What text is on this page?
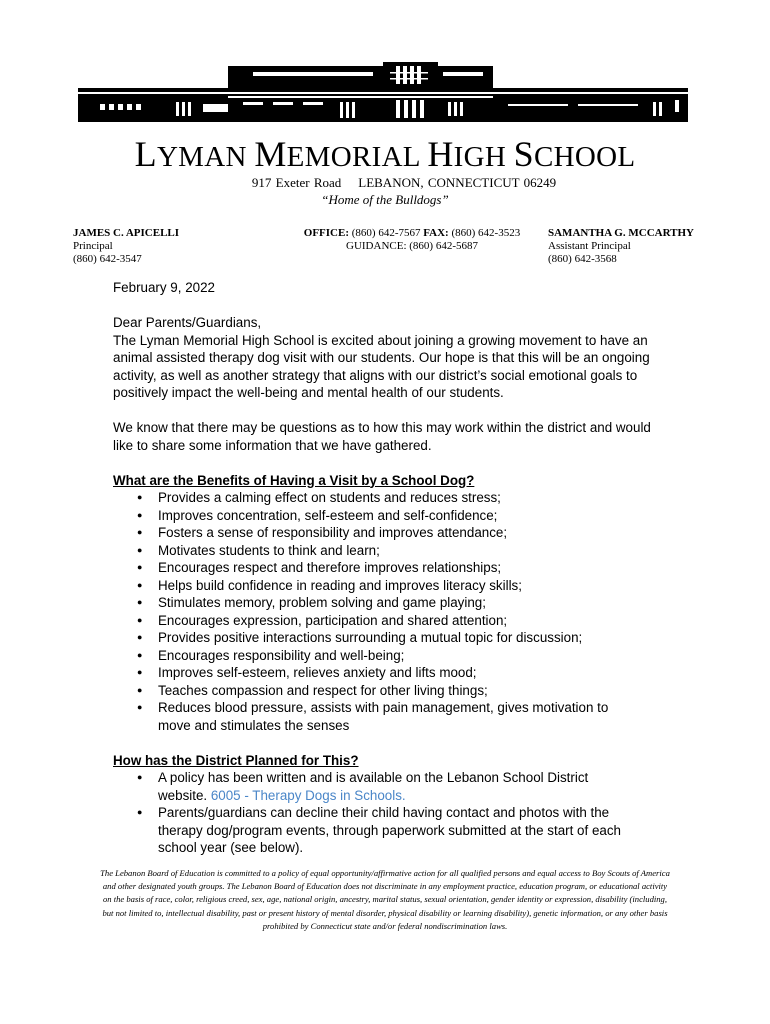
LYMAN MEMORIAL HIGH SCHOOL
917 Exeter Road    LEBANON, CONNECTICUT 06249
“Home of the Bulldogs”
JAMES C. APICELLI
Principal
(860) 642-3547
OFFICE: (860) 642-7567 FAX: (860) 642-3523
GUIDANCE: (860) 642-5687
SAMANTHA G. MCCARTHY
Assistant Principal
(860) 642-3568

February 9, 2022

Dear Parents/Guardians,

The Lyman Memorial High School is excited about joining a growing movement to have an animal assisted therapy dog visit with our students. Our hope is that this will be an ongoing activity, as well as another strategy that aligns with our district’s social emotional goals to positively impact the well-being and mental health of our students.

We know that there may be questions as to how this may work within the district and would like to share some information that we have gathered.

What are the Benefits of Having a Visit by a School Dog?

● Provides a calming effect on students and reduces stress;
● Improves concentration, self-esteem and self-confidence;
● Fosters a sense of responsibility and improves attendance;
● Motivates students to think and learn;
● Encourages respect and therefore improves relationships;
● Helps build confidence in reading and improves literacy skills;
● Stimulates memory, problem solving and game playing;
● Encourages expression, participation and shared attention;
● Provides positive interactions surrounding a mutual topic for discussion;
● Encourages responsibility and well-being;
● Improves self-esteem, relieves anxiety and lifts mood;
● Teaches compassion and respect for other living things;
● Reduces blood pressure, assists with pain management, gives motivation to move and stimulates the senses

How has the District Planned for This?

● A policy has been written and is available on the Lebanon School District website. 6005 - Therapy Dogs in Schools.
● Parents/guardians can decline their child having contact and photos with the therapy dog/program events, through paperwork submitted at the start of each school year (see below).
The Lebanon Board of Education is committed to a policy of equal opportunity/affirmative action for all qualified persons and equal access to Boy Scouts of America and other designated youth groups. The Lebanon Board of Education does not discriminate in any employment practice, education program, or educational activity on the basis of race, color, religious creed, sex, age, national origin, ancestry, marital status, sexual orientation, gender identity or expression, disability (including, but not limited to, intellectual disability, past or present history of mental disorder, physical disability or learning disability), genetic information, or any other basis prohibited by Connecticut state and/or federal nondiscrimination laws.
